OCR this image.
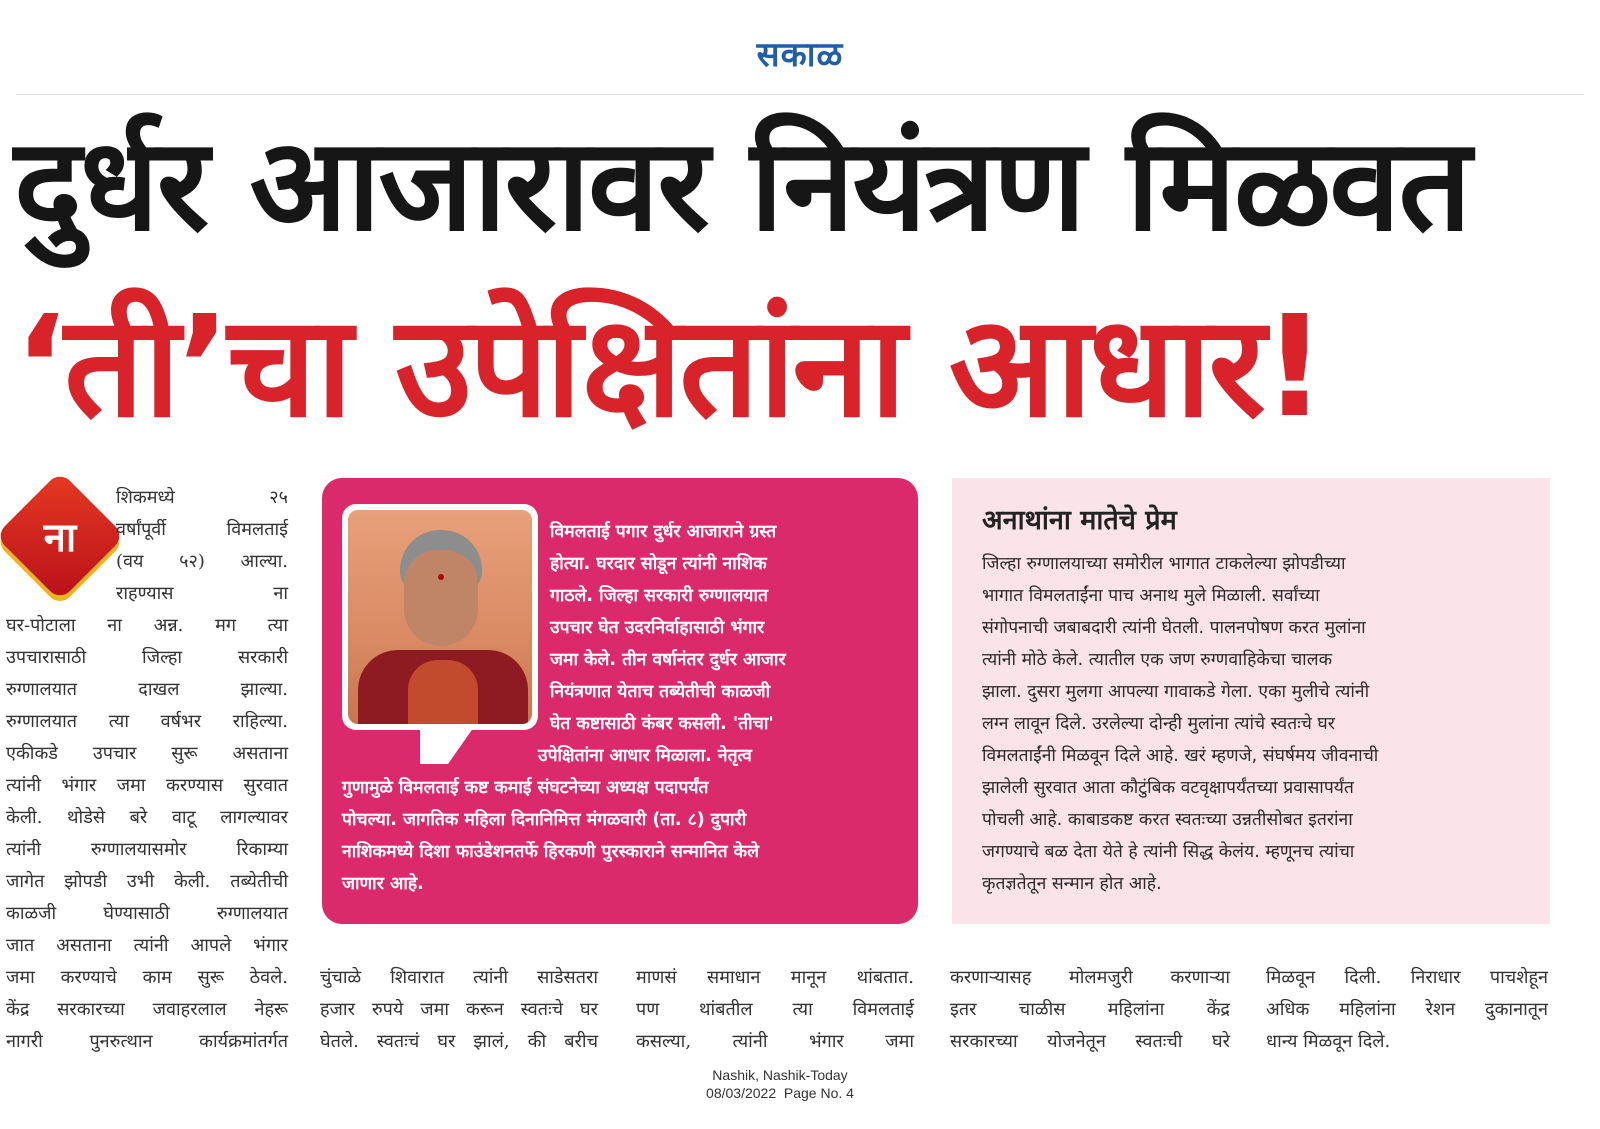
सकाळ
दुर्धर आजारावर नियंत्रण मिळवत
‘ती’चा उपेक्षितांना आधार!
ना

शिकमध्ये २५

वर्षांपूर्वी विमलताई

(वय ५२) आल्या.

राहण्यास ना

घर-पोटाला ना अन्न. मग त्या

उपचारासाठी जिल्हा सरकारी

रुग्णालयात दाखल झाल्या.

रुग्णालयात त्या वर्षभर राहिल्या.

एकीकडे उपचार सुरू असताना

त्यांनी भंगार जमा करण्यास सुरवात

केली. थोडेसे बरे वाटू लागल्यावर

त्यांनी रुग्णालयासमोर रिकाम्या

जागेत झोपडी उभी केली. तब्येतीची

काळजी घेण्यासाठी रुग्णालयात

जात असताना त्यांनी आपले भंगार

जमा करण्याचे काम सुरू ठेवले.

केंद्र सरकारच्या जवाहरलाल नेहरू

नागरी पुनरुत्थान कार्यक्रमांतर्गत

विमलताई पगार दुर्धर आजाराने ग्रस्त

होत्या. घरदार सोडून त्यांनी नाशिक

गाठले. जिल्हा सरकारी रुग्णालयात

उपचार घेत उदरनिर्वाहासाठी भंगार

जमा केले. तीन वर्षानंतर दुर्धर आजार

नियंत्रणात येताच तब्येतीची काळजी

घेत कष्टासाठी कंबर कसली. 'तीचा'

उपेक्षितांना आधार मिळाला. नेतृत्व

गुणामुळे विमलताई कष्ट कमाई संघटनेच्या अध्यक्ष पदापर्यंत

पोचल्या. जागतिक महिला दिनानिमित्त मंगळवारी (ता. ८) दुपारी

नाशिकमध्ये दिशा फाउंडेशनतर्फे हिरकणी पुरस्काराने सन्मानित केले

जाणार आहे.

अनाथांना मातेचे प्रेम

जिल्हा रुग्णालयाच्या समोरील भागात टाकलेल्या झोपडीच्या

भागात विमलताईंना पाच अनाथ मुले मिळाली. सर्वांच्या

संगोपनाची जबाबदारी त्यांनी घेतली. पालनपोषण करत मुलांना

त्यांनी मोठे केले. त्यातील एक जण रुग्णवाहिकेचा चालक

झाला. दुसरा मुलगा आपल्या गावाकडे गेला. एका मुलीचे त्यांनी

लग्न लावून दिले. उरलेल्या दोन्ही मुलांना त्यांचे स्वतःचे घर

विमलताईंनी मिळवून दिले आहे. खरं म्हणजे, संघर्षमय जीवनाची

झालेली सुरवात आता कौटुंबिक वटवृक्षापर्यंतच्या प्रवासापर्यंत

पोचली आहे. काबाडकष्ट करत स्वतःच्या उन्नतीसोबत इतरांना

जगण्याचे बळ देता येते हे त्यांनी सिद्ध केलंय. म्हणूनच त्यांचा

कृतज्ञतेतून सन्मान होत आहे.

चुंचाळे शिवारात त्यांनी साडेसतरा

हजार रुपये जमा करून स्वतःचे घर

घेतले. स्वतःचं घर झालं, की बरीच

माणसं समाधान मानून थांबतात.

पण थांबतील त्या विमलताई

कसल्या, त्यांनी भंगार जमा

करणाऱ्यासह मोलमजुरी करणाऱ्या

इतर चाळीस महिलांना केंद्र

सरकारच्या योजनेतून स्वतःची घरे

मिळवून दिली. निराधार पाचशेहून

अधिक महिलांना रेशन दुकानातून

धान्य मिळवून दिले.

Nashik, Nashik-Today
08/03/2022  Page No. 4
